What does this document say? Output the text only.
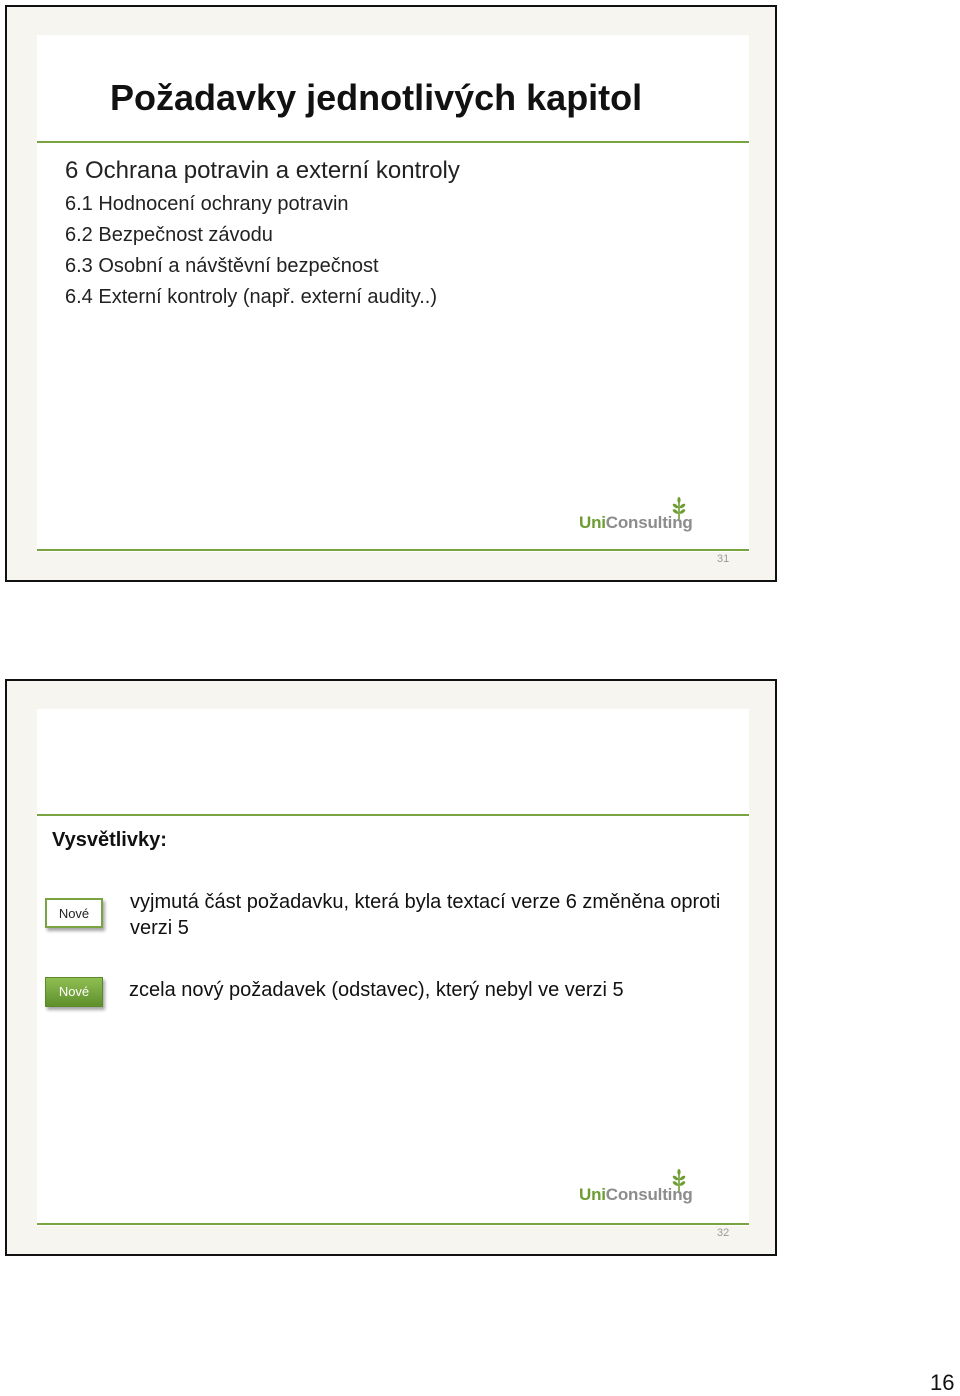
Požadavky jednotlivých kapitol
6 Ochrana potravin a externí kontroly
6.1 Hodnocení ochrany potravin
6.2 Bezpečnost závodu
6.3 Osobní a návštěvní bezpečnost
6.4 Externí kontroly (např. externí audity..)
UniConsulting
31
Vysvětlivky:
Nové
vyjmutá část požadavku, která byla textací verze 6 změněna oproti verzi 5
Nové	zcela nový požadavek (odstavec), který nebyl ve verzi 5
UniConsulting
32
16
